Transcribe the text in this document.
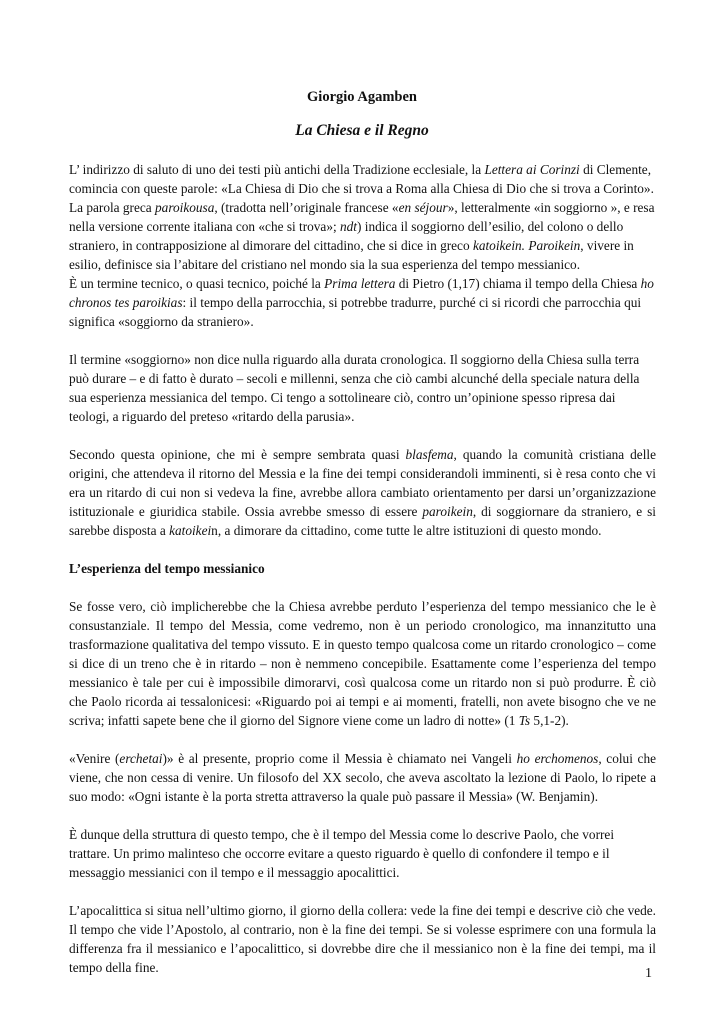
Giorgio Agamben
La Chiesa e il Regno

L’ indirizzo di saluto di uno dei testi più antichi della Tradizione ecclesiale, la Lettera ai Corinzi di Clemente, comincia con queste parole: «La Chiesa di Dio che si trova a Roma alla Chiesa di Dio che si trova a Corinto». La parola greca paroikousa, (tradotta nell’originale francese «en séjour», letteralmente «in soggiorno », e resa nella versione corrente italiana con «che si trova»; ndt) indica il soggiorno dell’esilio, del colono o dello straniero, in contrapposizione al dimorare del cittadino, che si dice in greco katoikein. Paroikein, vivere in esilio, definisce sia l’abitare del cristiano nel mondo sia la sua esperienza del tempo messianico.

È un termine tecnico, o quasi tecnico, poiché la Prima lettera di Pietro (1,17) chiama il tempo della Chiesa ho chronos tes paroikias: il tempo della parrocchia, si potrebbe tradurre, purché ci si ricordi che parrocchia qui significa «soggiorno da straniero».

Il termine «soggiorno» non dice nulla riguardo alla durata cronologica. Il soggiorno della Chiesa sulla terra può durare – e di fatto è durato – secoli e millenni, senza che ciò cambi alcunché della speciale natura della sua esperienza messianica del tempo. Ci tengo a sottolineare ciò, contro un’opinione spesso ripresa dai teologi, a riguardo del preteso «ritardo della parusia».

Secondo questa opinione, che mi è sempre sembrata quasi blasfema, quando la comunità cristiana delle origini, che attendeva il ritorno del Messia e la fine dei tempi considerandoli imminenti, si è resa conto che vi era un ritardo di cui non si vedeva la fine, avrebbe allora cambiato orientamento per darsi un’organizzazione istituzionale e giuridica stabile. Ossia avrebbe smesso di essere paroikein, di soggiornare da straniero, e si sarebbe disposta a katoikein, a dimorare da cittadino, come tutte le altre istituzioni di questo mondo.

L’esperienza del tempo messianico

Se fosse vero, ciò implicherebbe che la Chiesa avrebbe perduto l’esperienza del tempo messianico che le è consustanziale. Il tempo del Messia, come vedremo, non è un periodo cronologico, ma innanzitutto una trasformazione qualitativa del tempo vissuto. E in questo tempo qualcosa come un ritardo cronologico – come si dice di un treno che è in ritardo – non è nemmeno concepibile. Esattamente come l’esperienza del tempo messianico è tale per cui è impossibile dimorarvi, così qualcosa come un ritardo non si può produrre. È ciò che Paolo ricorda ai tessalonicesi: «Riguardo poi ai tempi e ai momenti, fratelli, non avete bisogno che ve ne scriva; infatti sapete bene che il giorno del Signore viene come un ladro di notte» (1 Ts 5,1-2).

«Venire (erchetai)» è al presente, proprio come il Messia è chiamato nei Vangeli ho erchomenos, colui che viene, che non cessa di venire. Un filosofo del XX secolo, che aveva ascoltato la lezione di Paolo, lo ripete a suo modo: «Ogni istante è la porta stretta attraverso la quale può passare il Messia» (W. Benjamin).

È dunque della struttura di questo tempo, che è il tempo del Messia come lo descrive Paolo, che vorrei trattare. Un primo malinteso che occorre evitare a questo riguardo è quello di confondere il tempo e il messaggio messianici con il tempo e il messaggio apocalittici.

L’apocalittica si situa nell’ultimo giorno, il giorno della collera: vede la fine dei tempi e descrive ciò che vede. Il tempo che vide l’Apostolo, al contrario, non è la fine dei tempi. Se si volesse esprimere con una formula la differenza fra il messianico e l’apocalittico, si dovrebbe dire che il messianico non è la fine dei tempi, ma il tempo della fine.	1
